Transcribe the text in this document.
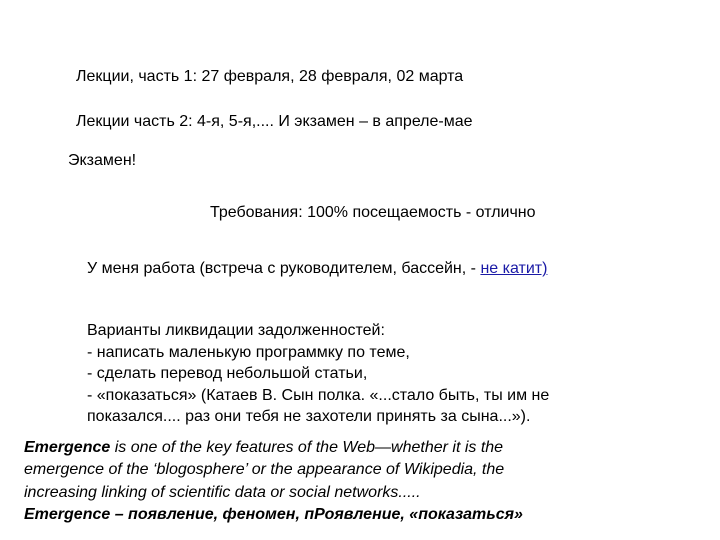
Лекции, часть 1: 27 февраля, 28 февраля, 02 марта
Лекции часть 2: 4-я, 5-я,.... И экзамен – в апреле-мае
Экзамен!
Требования: 100% посещаемость - отлично
У меня работа (встреча с руководителем, бассейн, - не катит)
Варианты ликвидации задолженностей:
- написать маленькую программку по теме,
- сделать перевод небольшой статьи,
- «показаться» (Катаев В. Сын полка. «...стало быть, ты им не
показался.... раз они тебя не захотели принять за сына...»).
Emergence is one of the key features of the Web—whether it is the
emergence of the ‘blogosphere’ or the appearance of Wikipedia, the
increasing linking of scientific data or social networks.....
Emergence – появление, феномен, пРоявление, «показаться»
